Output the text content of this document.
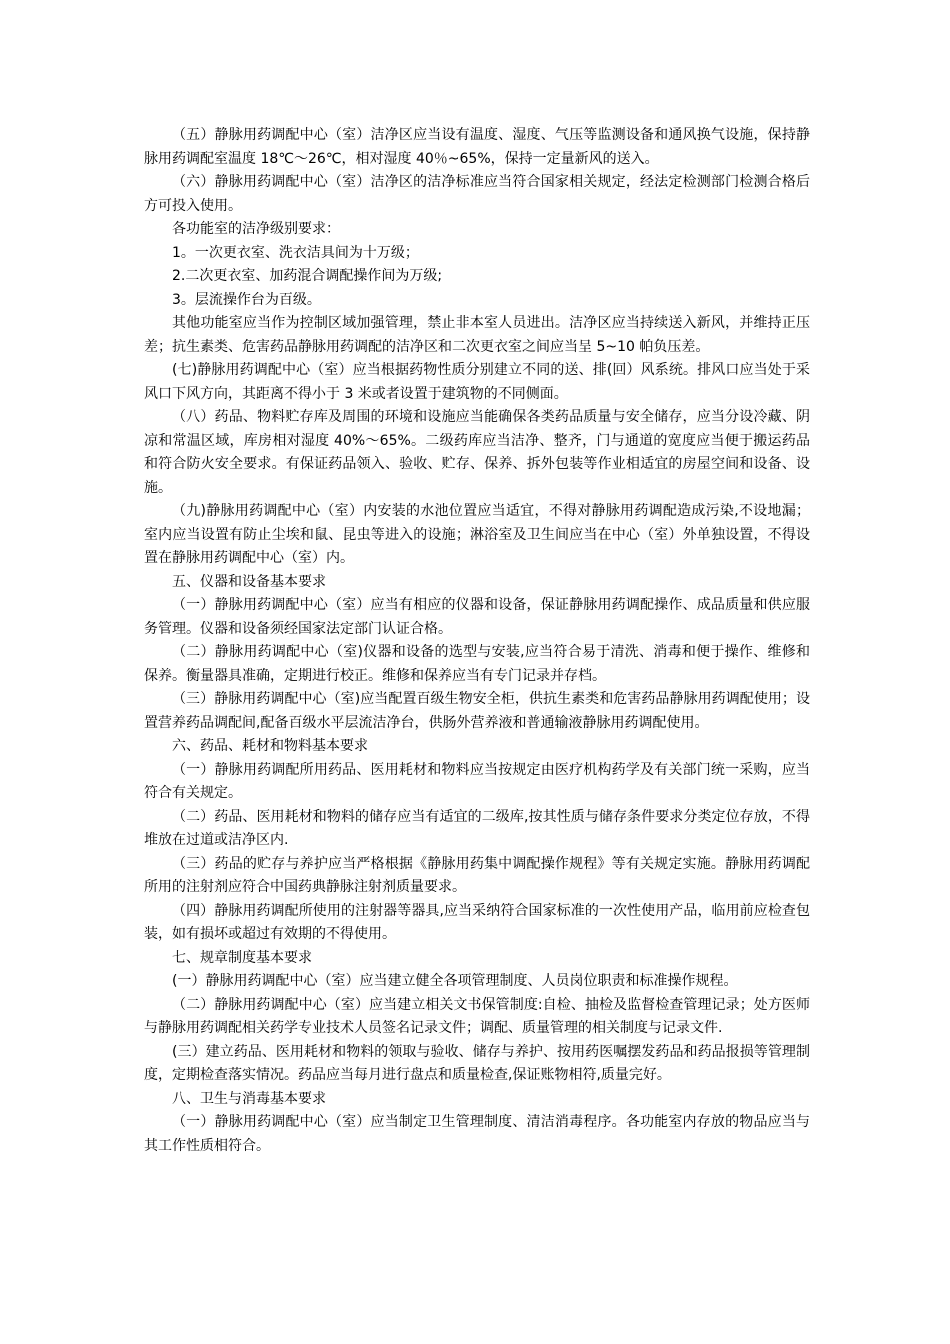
（五）静脉用药调配中心（室）洁净区应当设有温度、湿度、气压等监测设备和通风换气设施，保持静脉用药调配室温度 18℃～26℃，相对湿度 40％~65%，保持一定量新风的送入。

（六）静脉用药调配中心（室）洁净区的洁净标准应当符合国家相关规定，经法定检测部门检测合格后方可投入使用。

各功能室的洁净级别要求：

1。一次更衣室、洗衣洁具间为十万级；

2.二次更衣室、加药混合调配操作间为万级;

3。层流操作台为百级。

其他功能室应当作为控制区域加强管理，禁止非本室人员进出。洁净区应当持续送入新风，并维持正压差；抗生素类、危害药品静脉用药调配的洁净区和二次更衣室之间应当呈 5~10 帕负压差。

(七)静脉用药调配中心（室）应当根据药物性质分别建立不同的送、排(回）风系统。排风口应当处于采风口下风方向，其距离不得小于 3 米或者设置于建筑物的不同侧面。

（八）药品、物料贮存库及周围的环境和设施应当能确保各类药品质量与安全储存，应当分设冷藏、阴凉和常温区域，库房相对湿度 40%～65%。二级药库应当洁净、整齐，门与通道的宽度应当便于搬运药品和符合防火安全要求。有保证药品领入、验收、贮存、保养、拆外包装等作业相适宜的房屋空间和设备、设施。

（九)静脉用药调配中心（室）内安装的水池位置应当适宜，不得对静脉用药调配造成污染,不设地漏；室内应当设置有防止尘埃和鼠、昆虫等进入的设施；淋浴室及卫生间应当在中心（室）外单独设置，不得设置在静脉用药调配中心（室）内。

五、仪器和设备基本要求

（一）静脉用药调配中心（室）应当有相应的仪器和设备，保证静脉用药调配操作、成品质量和供应服务管理。仪器和设备须经国家法定部门认证合格。

（二）静脉用药调配中心（室)仪器和设备的选型与安装,应当符合易于清洗、消毒和便于操作、维修和保养。衡量器具准确，定期进行校正。维修和保养应当有专门记录并存档。

（三）静脉用药调配中心（室)应当配置百级生物安全柜，供抗生素类和危害药品静脉用药调配使用；设置营养药品调配间,配备百级水平层流洁净台，供肠外营养液和普通输液静脉用药调配使用。

六、药品、耗材和物料基本要求

（一）静脉用药调配所用药品、医用耗材和物料应当按规定由医疗机构药学及有关部门统一采购，应当符合有关规定。

（二）药品、医用耗材和物料的储存应当有适宜的二级库,按其性质与储存条件要求分类定位存放，不得堆放在过道或洁净区内.

（三）药品的贮存与养护应当严格根据《静脉用药集中调配操作规程》等有关规定实施。静脉用药调配所用的注射剂应符合中国药典静脉注射剂质量要求。

（四）静脉用药调配所使用的注射器等器具,应当采纳符合国家标准的一次性使用产品，临用前应检查包装，如有损坏或超过有效期的不得使用。

七、规章制度基本要求

(一）静脉用药调配中心（室）应当建立健全各项管理制度、人员岗位职责和标准操作规程。

（二）静脉用药调配中心（室）应当建立相关文书保管制度:自检、抽检及监督检查管理记录；处方医师与静脉用药调配相关药学专业技术人员签名记录文件；调配、质量管理的相关制度与记录文件.

(三）建立药品、医用耗材和物料的领取与验收、储存与养护、按用药医嘱摆发药品和药品报损等管理制度，定期检查落实情况。药品应当每月进行盘点和质量检查,保证账物相符,质量完好。

八、卫生与消毒基本要求

（一）静脉用药调配中心（室）应当制定卫生管理制度、清洁消毒程序。各功能室内存放的物品应当与其工作性质相符合。
